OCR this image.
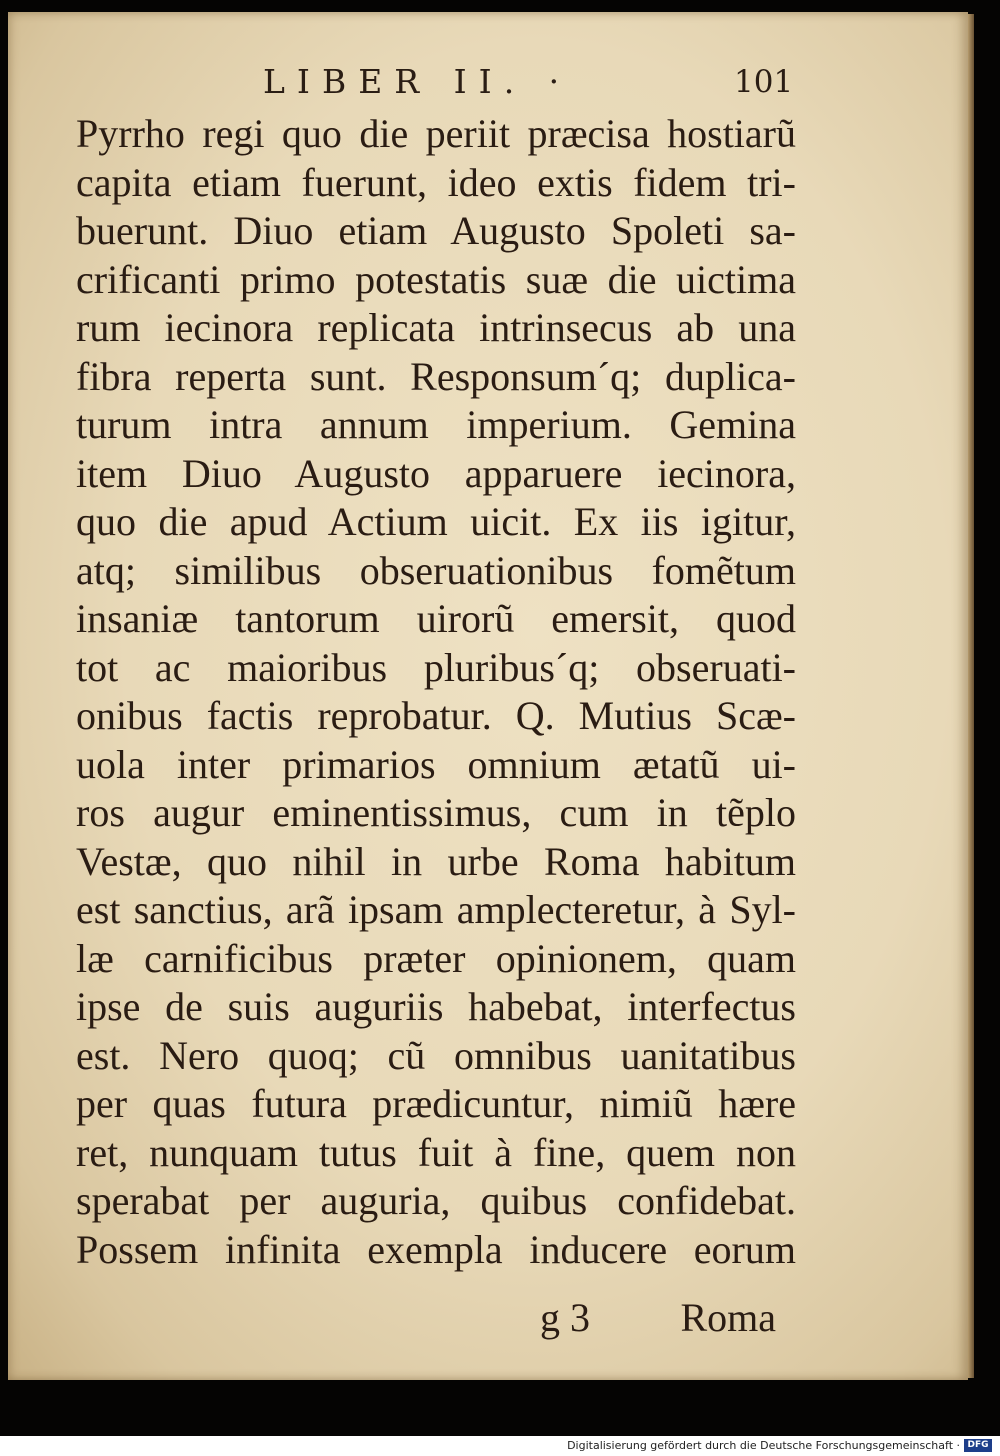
LIBER II. ·	101
Pyrrho regi quo die periit præcisa hostiarũ
capita etiam fuerunt, ideo extis fidem tri-
buerunt. Diuo etiam Augusto Spoleti sa-
crificanti primo potestatis suæ die uictima
rum iecinora replicata intrinsecus ab una
fibra reperta sunt. Responsum´q; duplica-
turum intra annum imperium. Gemina
item Diuo Augusto apparuere iecinora,
quo die apud Actium uicit. Ex iis igitur,
atq; similibus obseruationibus fomẽtum
insaniæ tantorum uirorũ emersit, quod
tot ac maioribus pluribus´q; obseruati-
onibus factis reprobatur. Q. Mutius Scæ-
uola inter primarios omnium ætatũ ui-
ros augur eminentissimus, cum in tẽplo
Vestæ, quo nihil in urbe Roma habitum
est sanctius, arã ipsam amplecteretur, à Syl-
læ carnificibus præter opinionem, quam
ipse de suis auguriis habebat, interfectus
est. Nero quoq; cũ omnibus uanitatibus
per quas futura prædicuntur, nimiũ hære
ret, nunquam tutus fuit à fine, quem non
sperabat per auguria, quibus confidebat.
Possem infinita exempla inducere eorum
g 3 Roma
Digitalisierung gefördert durch die Deutsche Forschungsgemeinschaft · DFG
